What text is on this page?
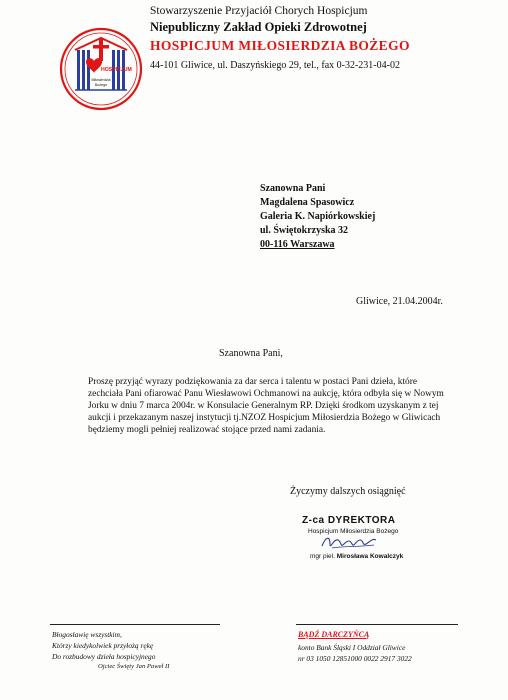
HOSPICJUM
Miłosierdzia
Bożego
Stowarzyszenie Przyjaciół Chorych Hospicjum
Niepubliczny Zakład Opieki Zdrowotnej
HOSPICJUM MIŁOSIERDZIA BOŻEGO
44-101 Gliwice, ul. Daszyńskiego 29, tel., fax 0-32-231-04-02
Szanowna Pani
Magdalena Spasowicz
Galeria K. Napiórkowskiej
ul. Świętokrzyska 32
00-116 Warszawa
Gliwice, 21.04.2004r.
Szanowna Pani,

Proszę przyjąć wyrazy podziękowania za dar serca i talentu w postaci Pani dzieła, które

zechciała Pani ofiarować Panu Wiesławowi Ochmanowi na aukcję, która odbyła się w Nowym

Jorku w dniu 7 marca 2004r. w Konsulacie Generalnym RP. Dzięki środkom uzyskanym z tej

aukcji i przekazanym naszej instytucji tj.NZOZ Hospicjum Miłosierdzia Bożego w Gliwicach

będziemy mogli pełniej realizować stojące przed nami zadania.

Życzymy dalszych osiągnięć
Z-ca DYREKTORA
Hospicjum Miłosierdzia Bożego
mgr piel. Mirosława Kowalczyk
Błogosławię wszystkim,
Którzy kiedykolwiek przyłożą rękę
Do rozbudowy dzieła hospicyjnego
Ojciec Święty Jan Paweł II
BĄDŹ DARCZYŃCĄ
konto Bank Śląski I Oddział Gliwice
nr 03 1050 12851000 0022 2917 3022
